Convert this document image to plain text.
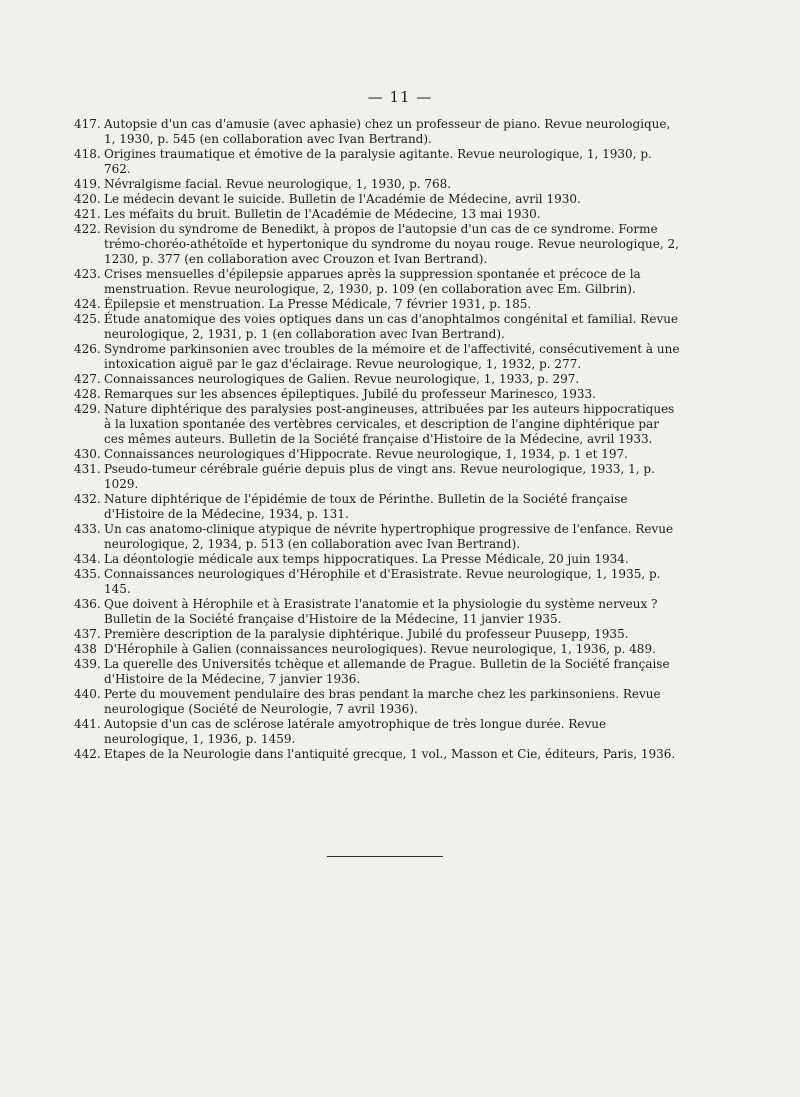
— 11 —
417. Autopsie d'un cas d'amusie (avec aphasie) chez un professeur de piano. Revue neurologique, 1, 1930, p. 545 (en collaboration avec Ivan Bertrand).
418. Origines traumatique et émotive de la paralysie agitante. Revue neurologique, 1, 1930, p. 762.
419. Névralgisme facial. Revue neurologique, 1, 1930, p. 768.
420. Le médecin devant le suicide. Bulletin de l'Académie de Médecine, avril 1930.
421. Les méfaits du bruit. Bulletin de l'Académie de Médecine, 13 mai 1930.
422. Revision du syndrome de Benedikt, à propos de l'autopsie d'un cas de ce syndrome. Forme trémo-choréo-athétoïde et hypertonique du syndrome du noyau rouge. Revue neurologique, 2, 1230, p. 377 (en collaboration avec Crouzon et Ivan Bertrand).
423. Crises mensuelles d'épilepsie apparues après la suppression spontanée et précoce de la menstruation. Revue neurologique, 2, 1930, p. 109 (en collaboration avec Em. Gilbrin).
424. Épilepsie et menstruation. La Presse Médicale, 7 février 1931, p. 185.
425. Étude anatomique des voies optiques dans un cas d'anophtalmos congénital et familial. Revue neurologique, 2, 1931, p. 1 (en collaboration avec Ivan Bertrand).
426. Syndrome parkinsonien avec troubles de la mémoire et de l'affectivité, consécutivement à une intoxication aiguë par le gaz d'éclairage. Revue neurologique, 1, 1932, p. 277.
427. Connaissances neurologiques de Galien. Revue neurologique, 1, 1933, p. 297.
428. Remarques sur les absences épileptiques. Jubilé du professeur Marinesco, 1933.
429. Nature diphtérique des paralysies post-angineuses, attribuées par les auteurs hippocratiques à la luxation spontanée des vertèbres cervicales, et description de l'angine diphtérique par ces mêmes auteurs. Bulletin de la Société française d'Histoire de la Médecine, avril 1933.
430. Connaissances neurologiques d'Hippocrate. Revue neurologique, 1, 1934, p. 1 et 197.
431. Pseudo-tumeur cérébrale guérie depuis plus de vingt ans. Revue neurologique, 1933, 1, p. 1029.
432. Nature diphtérique de l'épidémie de toux de Périnthe. Bulletin de la Société française d'Histoire de la Médecine, 1934, p. 131.
433. Un cas anatomo-clinique atypique de névrite hypertrophique progressive de l'enfance. Revue neurologique, 2, 1934, p. 513 (en collaboration avec Ivan Bertrand).
434. La déontologie médicale aux temps hippocratiques. La Presse Médicale, 20 juin 1934.
435. Connaissances neurologiques d'Hérophile et d'Erasistrate. Revue neurologique, 1, 1935, p. 145.
436. Que doivent à Hérophile et à Erasistrate l'anatomie et la physiologie du système nerveux ? Bulletin de la Société française d'Histoire de la Médecine, 11 janvier 1935.
437. Première description de la paralysie diphtérique. Jubilé du professeur Puusepp, 1935.
438 D'Hérophile à Galien (connaissances neurologiques). Revue neurologique, 1, 1936, p. 489.
439. La querelle des Universités tchèque et allemande de Prague. Bulletin de la Société française d'Histoire de la Médecine, 7 janvier 1936.
440. Perte du mouvement pendulaire des bras pendant la marche chez les parkinsoniens. Revue neurologique (Société de Neurologie, 7 avril 1936).
441. Autopsie d'un cas de sclérose latérale amyotrophique de très longue durée. Revue neurologique, 1, 1936, p. 1459.
442. Etapes de la Neurologie dans l'antiquité grecque, 1 vol., Masson et Cie, éditeurs, Paris, 1936.
